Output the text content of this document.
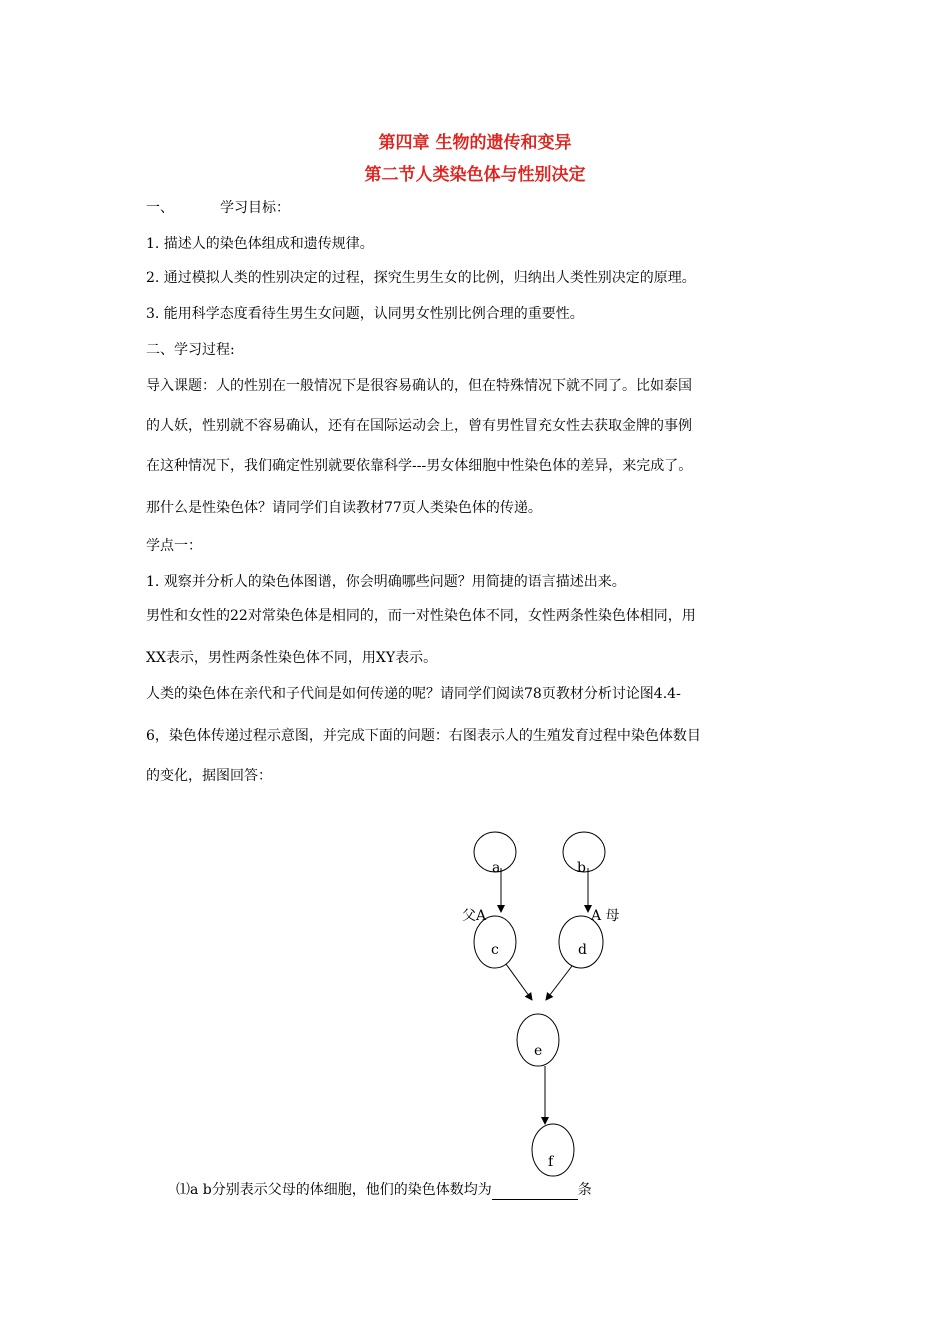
第四章 生物的遗传和变异
第二节人类染色体与性别决定
一、	学习目标：
1. 描述人的染色体组成和遗传规律。
2. 通过模拟人类的性别决定的过程，探究生男生女的比例，归纳出人类性别决定的原理。
3. 能用科学态度看待生男生女问题，认同男女性别比例合理的重要性。
二、学习过程:
导入课题：人的性别在一般情况下是很容易确认的，但在特殊情况下就不同了。比如泰国
的人妖，性别就不容易确认，还有在国际运动会上，曾有男性冒充女性去获取金牌的事例
在这种情况下，我们确定性别就要依靠科学---男女体细胞中性染色体的差异，来完成了。
那什么是性染色体？请同学们自读教材77页人类染色体的传递。
学点一：
1. 观察并分析人的染色体图谱，你会明确哪些问题？用简捷的语言描述出来。
男性和女性的22对常染色体是相同的，而一对性染色体不同，女性两条性染色体相同，用
XX表示，男性两条性染色体不同，用XY表示。
人类的染色体在亲代和子代间是如何传递的呢？请同学们阅读78页教材分析讨论图4.4-
6，染色体传递过程示意图，并完成下面的问题：右图表示人的生殖发育过程中染色体数目
的变化，据图回答：
a	b
c	d
e
f
父A	A 母
⑴a b分别表示父母的体细胞，他们的染色体数均为	条
